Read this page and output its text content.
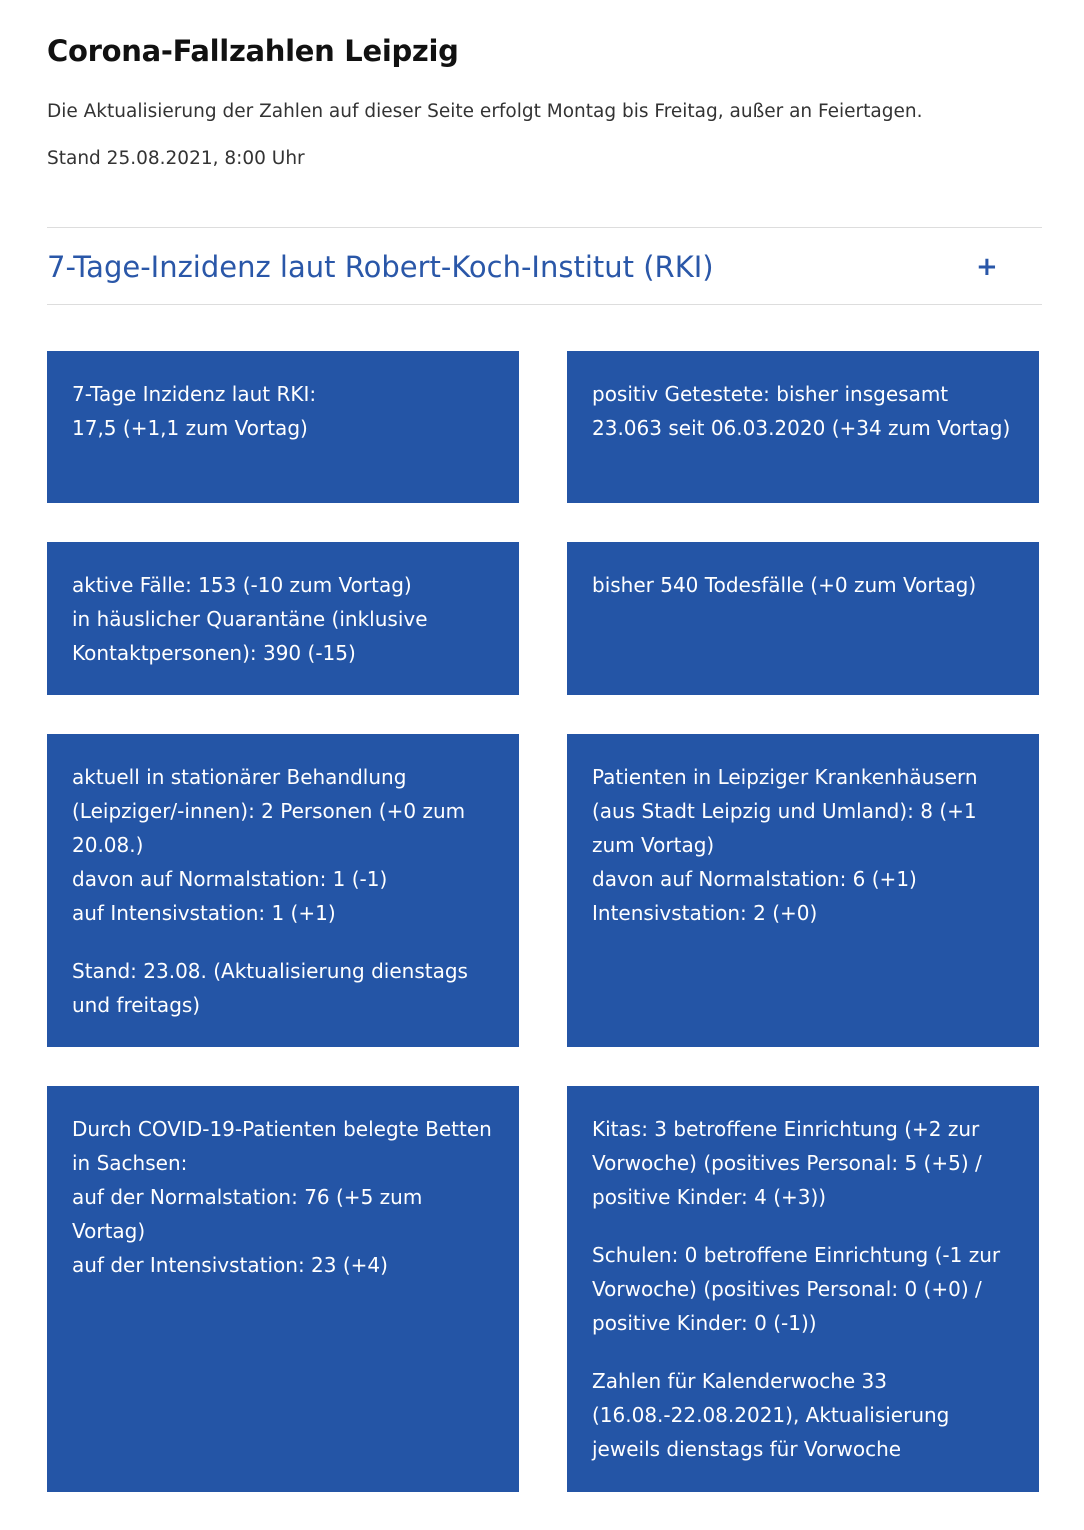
Corona-Fallzahlen Leipzig

Die Aktualisierung der Zahlen auf dieser Seite erfolgt Montag bis Freitag, außer an Feiertagen.

Stand 25.08.2021, 8:00 Uhr

7-Tage-Inzidenz laut Robert-Koch-Institut (RKI)	+

7-Tage Inzidenz laut RKI:
17,5 (+1,1 zum Vortag)

positiv Getestete: bisher insgesamt 23.063 seit 06.03.2020 (+34 zum Vortag)

aktive Fälle: 153 (-10 zum Vortag)
in häuslicher Quarantäne (inklusive Kontaktpersonen): 390 (-15)

bisher 540 Todesfälle (+0 zum Vortag)

aktuell in stationärer Behandlung (Leipziger/-innen): 2 Personen (+0 zum 20.08.)
davon auf Normalstation: 1 (-1)
auf Intensivstation: 1 (+1)

Stand: 23.08. (Aktualisierung dienstags und freitags)

Patienten in Leipziger Krankenhäusern (aus Stadt Leipzig und Umland): 8 (+1 zum Vortag)
davon auf Normalstation: 6 (+1)
Intensivstation: 2 (+0)

Durch COVID-19-Patienten belegte Betten in Sachsen:
auf der Normalstation: 76 (+5 zum Vortag)
auf der Intensivstation: 23 (+4)

Kitas: 3 betroffene Einrichtung (+2 zur Vorwoche) (positives Personal: 5 (+5) / positive Kinder: 4 (+3))

Schulen: 0 betroffene Einrichtung (-1 zur Vorwoche) (positives Personal: 0 (+0) / positive Kinder: 0 (-1))

Zahlen für Kalenderwoche 33 (16.08.-22.08.2021), Aktualisierung jeweils dienstags für Vorwoche
